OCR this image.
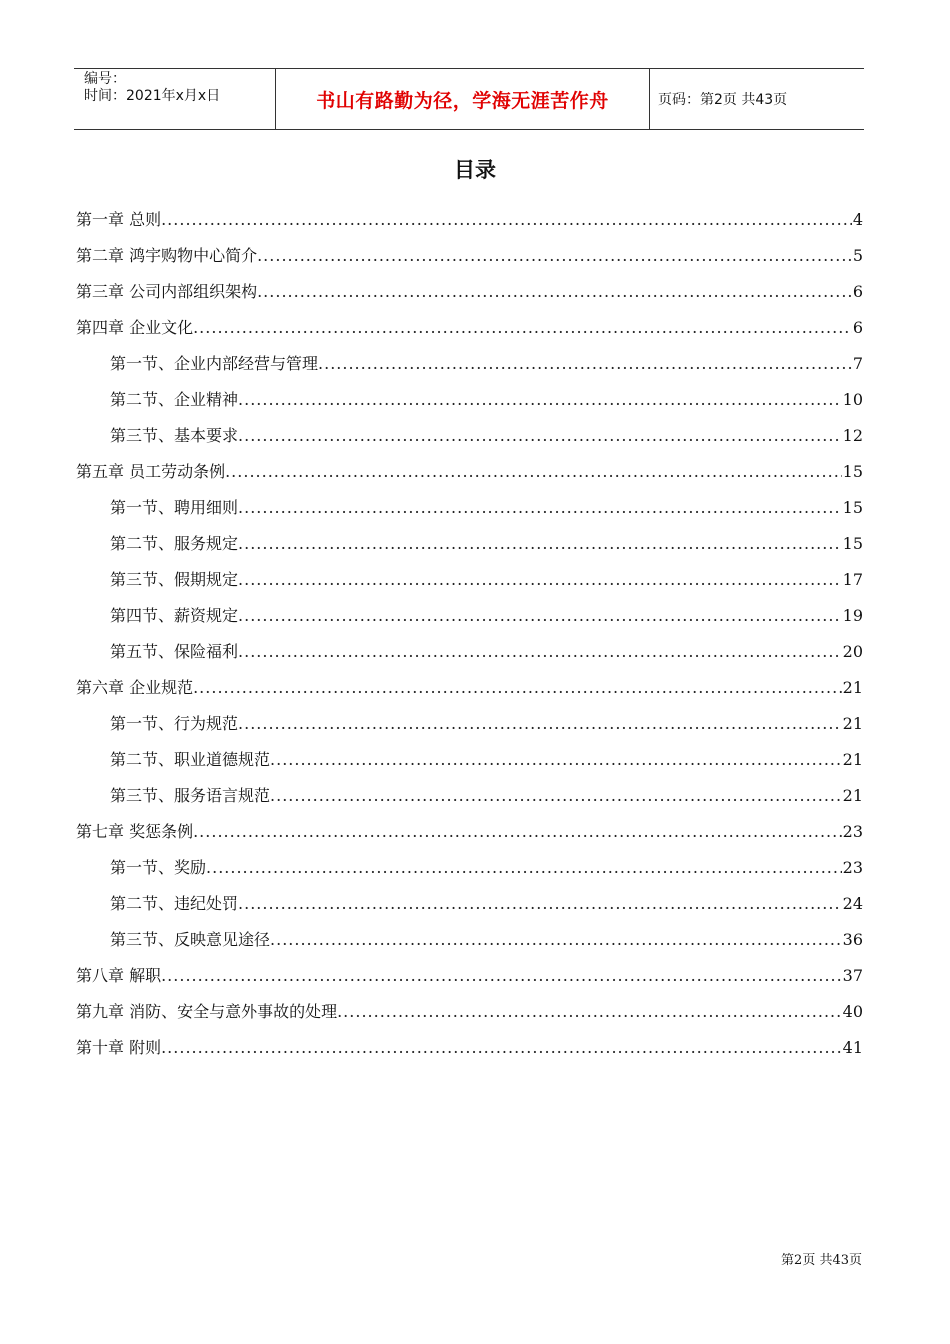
编号：
时间：2021年x月x日	书山有路勤为径，学海无涯苦作舟	页码：第2页 共43页
目录
第一章 总则 .....	4
第二章 鸿宇购物中心简介 .....	5
第三章 公司内部组织架构 .....	6
第四章 企业文化 .....	6
第一节、企业内部经营与管理 .....	7
第二节、企业精神 .....	10
第三节、基本要求 .....	12
第五章 员工劳动条例 .....	15
第一节、聘用细则 .....	15
第二节、服务规定 .....	15
第三节、假期规定 .....	17
第四节、薪资规定 .....	19
第五节、保险福利 .....	20
第六章 企业规范 .....	21
第一节、行为规范 .....	21
第二节、职业道德规范 .....	21
第三节、服务语言规范 .....	21
第七章 奖惩条例 .....	23
第一节、奖励 .....	23
第二节、违纪处罚 .....	24
第三节、反映意见途径 .....	36
第八章 解职 .....	37
第九章 消防、安全与意外事故的处理 .....	40
第十章 附则 .....	41
第2页 共43页
